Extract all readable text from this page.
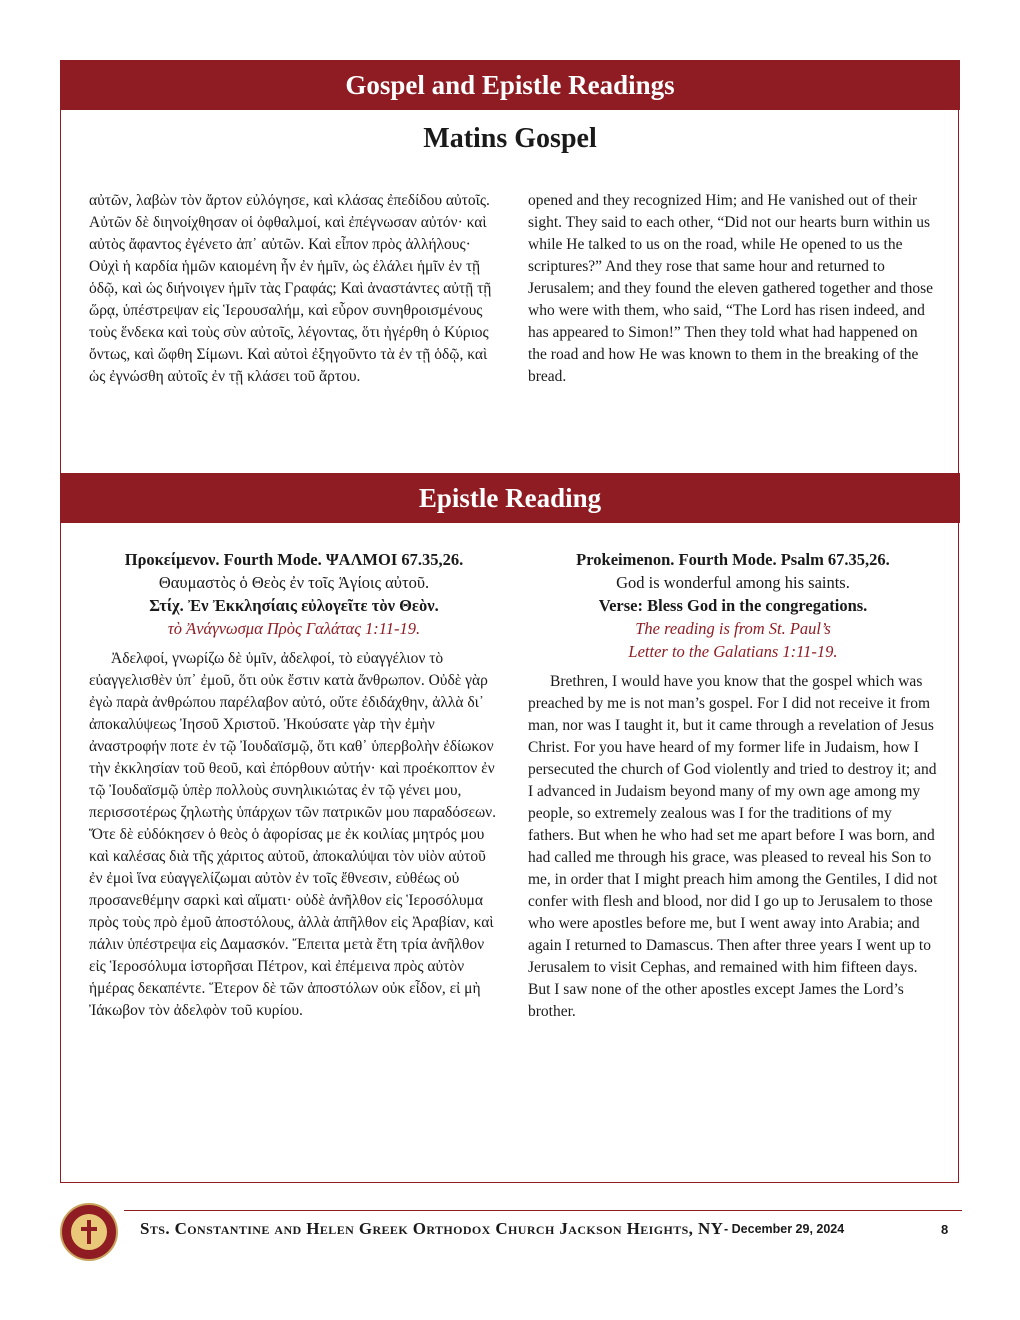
Gospel and Epistle Readings
Matins Gospel

αὐτῶν, λαβὼν τὸν ἄρτον εὐλόγησε, καὶ κλάσας ἐπεδίδου αὐτοῖς. Αὐτῶν δὲ διηνοίχθησαν οἱ ὀφθαλμοί, καὶ ἐπέγνωσαν αὐτόν· καὶ αὐτὸς ἄφαντος ἐγένετο ἀπ᾽ αὐτῶν. Καὶ εἶπον πρὸς ἀλλήλους· Οὐχὶ ἡ καρδία ἡμῶν καιομένη ἦν ἐν ἡμῖν, ὡς ἐλάλει ἡμῖν ἐν τῇ ὁδῷ, καὶ ὡς διήνοιγεν ἡμῖν τὰς Γραφάς; Καὶ ἀναστάντες αὐτῇ τῇ ὥρᾳ, ὑπέστρεψαν εἰς Ἱερουσαλήμ, καὶ εὗρον συνηθροισμένους τοὺς ἕνδεκα καὶ τοὺς σὺν αὐτοῖς, λέγοντας, ὅτι ἠγέρθη ὁ Κύριος ὄντως, καὶ ὤφθη Σίμωνι. Καὶ αὐτοὶ ἐξηγοῦντο τὰ ἐν τῇ ὁδῷ, καὶ ὡς ἐγνώσθη αὐτοῖς ἐν τῇ κλάσει τοῦ ἄρτου.

opened and they recognized Him; and He vanished out of their sight. They said to each other, “Did not our hearts burn within us while He talked to us on the road, while He opened to us the scriptures?” And they rose that same hour and returned to Jerusalem; and they found the eleven gathered together and those who were with them, who said, “The Lord has risen indeed, and has appeared to Simon!” Then they told what had happened on the road and how He was known to them in the breaking of the bread.

Epistle Reading
Προκείμενον. Fourth Mode. ΨΑΛΜΟΙ 67.35,26.
Θαυμαστὸς ὁ Θεὸς ἐν τοῖς Ἁγίοις αὐτοῦ.
Στίχ. Ἐν Ἐκκλησίαις εὐλογεῖτε τὸν Θεὸν.
τὸ Ἀνάγνωσμα Πρὸς Γαλάτας 1:11-19.

Ἀδελφοί, γνωρίζω δὲ ὑμῖν, ἀδελφοί, τὸ εὐαγγέλιον τὸ εὐαγγελισθὲν ὑπ᾽ ἐμοῦ, ὅτι οὐκ ἔστιν κατὰ ἄνθρωπον. Οὐδὲ γὰρ ἐγὼ παρὰ ἀνθρώπου παρέλαβον αὐτό, οὔτε ἐδιδάχθην, ἀλλὰ δι᾽ ἀποκαλύψεως Ἰησοῦ Χριστοῦ. Ἠκούσατε γὰρ τὴν ἐμὴν ἀναστροφήν ποτε ἐν τῷ Ἰουδαϊσμῷ, ὅτι καθ᾽ ὑπερβολὴν ἐδίωκον τὴν ἐκκλησίαν τοῦ θεοῦ, καὶ ἐπόρθουν αὐτήν· καὶ προέκοπτον ἐν τῷ Ἰουδαϊσμῷ ὑπὲρ πολλοὺς συνηλικιώτας ἐν τῷ γένει μου, περισσοτέρως ζηλωτὴς ὑπάρχων τῶν πατρικῶν μου παραδόσεων. Ὅτε δὲ εὐδόκησεν ὁ θεὸς ὁ ἀφορίσας με ἐκ κοιλίας μητρός μου καὶ καλέσας διὰ τῆς χάριτος αὐτοῦ, ἀποκαλύψαι τὸν υἱὸν αὐτοῦ ἐν ἐμοὶ ἵνα εὐαγγελίζωμαι αὐτὸν ἐν τοῖς ἔθνεσιν, εὐθέως οὐ προσανεθέμην σαρκὶ καὶ αἵματι· οὐδὲ ἀνῆλθον εἰς Ἱεροσόλυμα πρὸς τοὺς πρὸ ἐμοῦ ἀποστόλους, ἀλλὰ ἀπῆλθον εἰς Ἀραβίαν, καὶ πάλιν ὑπέστρεψα εἰς Δαμασκόν. Ἔπειτα μετὰ ἔτη τρία ἀνῆλθον εἰς Ἱεροσόλυμα ἱστορῆσαι Πέτρον, καὶ ἐπέμεινα πρὸς αὐτὸν ἡμέρας δεκαπέντε. Ἕτερον δὲ τῶν ἀποστόλων οὐκ εἶδον, εἰ μὴ Ἰάκωβον τὸν ἀδελφὸν τοῦ κυρίου.

Prokeimenon. Fourth Mode. Psalm 67.35,26.
God is wonderful among his saints.
Verse: Bless God in the congregations.
The reading is from St. Paul’s
Letter to the Galatians 1:11-19.

Brethren, I would have you know that the gospel which was preached by me is not man’s gospel. For I did not receive it from man, nor was I taught it, but it came through a revelation of Jesus Christ. For you have heard of my former life in Judaism, how I persecuted the church of God violently and tried to destroy it; and I advanced in Judaism beyond many of my own age among my people, so extremely zealous was I for the traditions of my fathers. But when he who had set me apart before I was born, and had called me through his grace, was pleased to reveal his Son to me, in order that I might preach him among the Gentiles, I did not confer with flesh and blood, nor did I go up to Jerusalem to those who were apostles before me, but I went away into Arabia; and again I returned to Damascus. Then after three years I went up to Jerusalem to visit Cephas, and remained with him fifteen days. But I saw none of the other apostles except James the Lord’s brother.

Sts. Constantine and Helen Greek Orthodox Church Jackson Heights, NY - December 29, 2024	8
